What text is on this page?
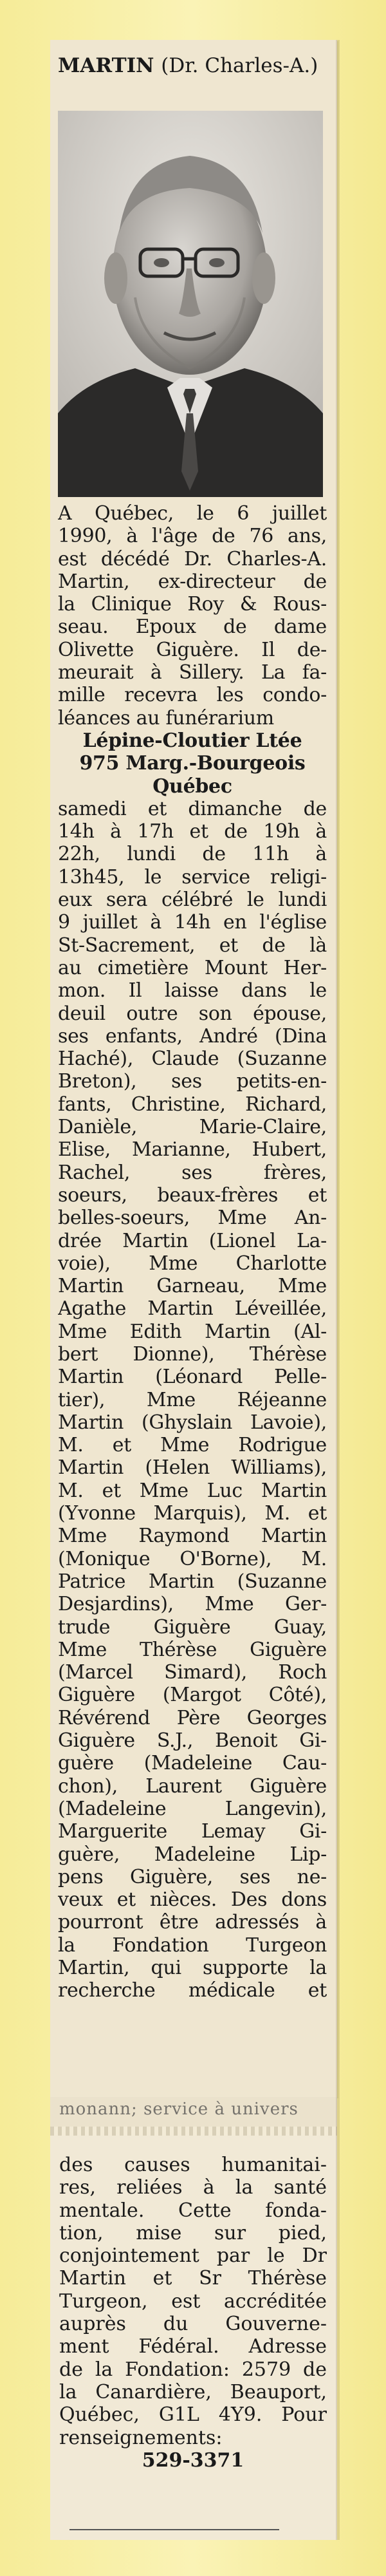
MARTIN (Dr. Charles-A.)
A Québec, le 6 juillet
1990, à l'âge de 76 ans,
est décédé Dr. Charles-A.
Martin, ex-directeur de
la Clinique Roy & Rous-
seau. Epoux de dame
Olivette Giguère. Il de-
meurait à Sillery. La fa-
mille recevra les condo-
léances au funérarium
Lépine-Cloutier Ltée
975 Marg.-Bourgeois
Québec
samedi et dimanche de
14h à 17h et de 19h à
22h, lundi de 11h à
13h45, le service religi-
eux sera célébré le lundi
9 juillet à 14h en l'église
St-Sacrement, et de là
au cimetière Mount Her-
mon. Il laisse dans le
deuil outre son épouse,
ses enfants, André (Dina
Haché), Claude (Suzanne
Breton), ses petits-en-
fants, Christine, Richard,
Danièle, Marie-Claire,
Elise, Marianne, Hubert,
Rachel, ses frères,
soeurs, beaux-frères et
belles-soeurs, Mme An-
drée Martin (Lionel La-
voie), Mme Charlotte
Martin Garneau, Mme
Agathe Martin Léveillée,
Mme Edith Martin (Al-
bert Dionne), Thérèse
Martin (Léonard Pelle-
tier), Mme Réjeanne
Martin (Ghyslain Lavoie),
M. et Mme Rodrigue
Martin (Helen Williams),
M. et Mme Luc Martin
(Yvonne Marquis), M. et
Mme Raymond Martin
(Monique O'Borne), M.
Patrice Martin (Suzanne
Desjardins), Mme Ger-
trude Giguère Guay,
Mme Thérèse Giguère
(Marcel Simard), Roch
Giguère (Margot Côté),
Révérend Père Georges
Giguère S.J., Benoit Gi-
guère (Madeleine Cau-
chon), Laurent Giguère
(Madeleine Langevin),
Marguerite Lemay Gi-
guère, Madeleine Lip-
pens Giguère, ses ne-
veux et nièces. Des dons
pourront être adressés à
la Fondation Turgeon
Martin, qui supporte la
recherche médicale et
monann; service à univers
des causes humanitai-
res, reliées à la santé
mentale. Cette fonda-
tion, mise sur pied,
conjointement par le Dr
Martin et Sr Thérèse
Turgeon, est accréditée
auprès du Gouverne-
ment Fédéral. Adresse
de la Fondation: 2579 de
la Canardière, Beauport,
Québec, G1L 4Y9. Pour
renseignements:
529-3371
